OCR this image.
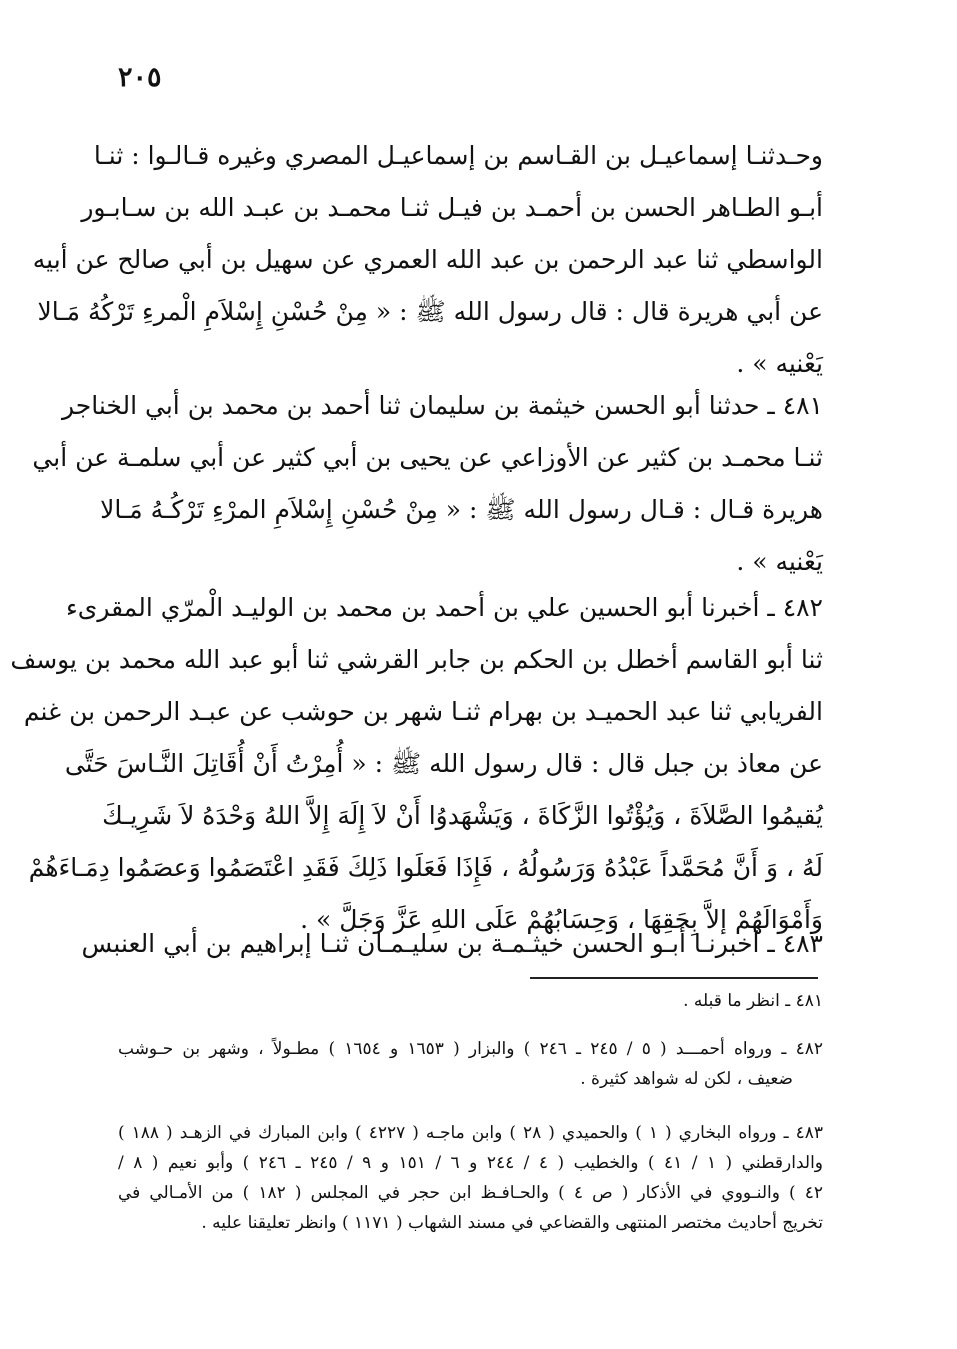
٢٠٥
وحـدثنـا إسماعيـل بن القـاسم بن إسماعيـل المصري وغيره قـالـوا : ثنـا
أبـو الطـاهر الحسن بن أحمـد بن فيـل ثنـا محمـد بن عبـد الله بن سـابـور
الواسطي ثنا عبد الرحمن بن عبد الله العمري عن سهيل بن أبي صالح عن أبيه
عن أبي هريرة قال : قال رسول الله ﷺ : « مِنْ حُسْنِ إِسْلاَمِ الْمرءِ تَرْكُهُ مَـالا
يَعْنيه » .
٤٨١ ـ حدثنا أبو الحسن خيثمة بن سليمان ثنا أحمد بن محمد بن أبي الخناجر
ثنـا محمـد بن كثير عن الأوزاعي عن يحيى بن أبي كثير عن أبي سلمـة عن أبي
هريرة قـال : قـال رسول الله ﷺ : « مِنْ حُسْنِ إِسْلاَمِ المرْءِ تَرْكُـهُ مَـالا
يَعْنيه » .
٤٨٢ ـ أخبرنا أبو الحسين علي بن أحمد بن محمد بن الوليـد الْمرّي المقرىء
ثنا أبو القاسم أخطل بن الحكم بن جابر القرشي ثنا أبو عبد الله محمد بن يوسف
الفريابي ثنا عبد الحميـد بن بهرام ثنـا شهر بن حوشب عن عبـد الرحمن بن غنم
عن معاذ بن جبل قال : قال رسول الله ﷺ : « أُمِرْتُ أَنْ أُقَاتِلَ النَّـاسَ حَتَّى
يُقيمُوا الصَّلاَةَ ، وَيُؤْتُوا الزَّكَاةَ ، وَيَشْهَدوُا أَنْ لاَ إِلَهَ إِلاَّ اللهُ وَحْدَهُ لاَ شَرِيـكَ
لَهُ ، وَ أَنَّ مُحَمَّداً عَبْدُهُ وَرَسُولُهُ ، فَإِذَا فَعَلَوا ذَلِكَ فَقَدِ اعْتَصَمُوا وَعصَمُوا دِمَـاءَهُمْ
وَأَمْوَالَهُمْ إلاَّ بِحَقِهَا ، وَحِسَابُهُمْ عَلَى اللهِ عَزَّ وَجَلَّ » .
٤٨٣ ـ أخبرنـا أبـو الحسن خيثـمـة بن سليـمـان ثنـا إبراهيم بن أبي العنبس
٤٨١ ـ انظر ما قبله .
٤٨٢ ـ ورواه أحمـــد ( ٥ / ٢٤٥ ـ ٢٤٦ ) والبزار ( ١٦٥٣ و ١٦٥٤ ) مطـولاً ، وشهر بن حـوشب
ضعيف ، لكن له شواهد كثيرة .
٤٨٣ ـ ورواه البخاري ( ١ ) والحميدي ( ٢٨ ) وابن ماجـه ( ٤٢٢٧ ) وابن المبارك في الزهـد ( ١٨٨ )
والدارقطني ( ١ / ٤١ ) والخطيب ( ٤ / ٢٤٤ و ٦ / ١٥١ و ٩ / ٢٤٥ ـ ٢٤٦ ) وأبو نعيم ( ٨ /
٤٢ ) والنـووي في الأذكار ( ص ٤ ) والحـافـظ ابن حجر في المجلس ( ١٨٢ ) من الأمـالي في
تخريج أحاديث مختصر المنتهى والقضاعي في مسند الشهاب ( ١١٧١ ) وانظر تعليقنا عليه .
